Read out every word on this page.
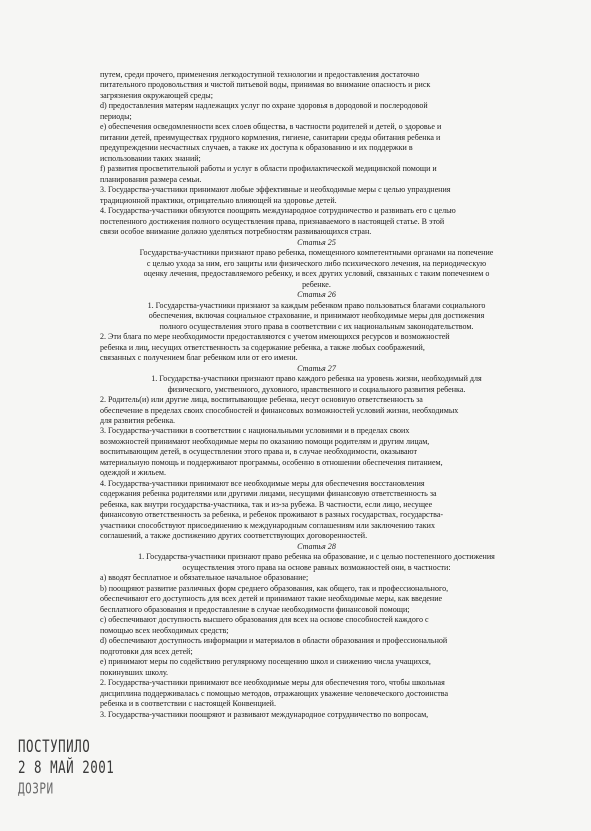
путем, среди прочего, применения легкодоступной технологии и предоставления достаточно

питательного продовольствия и чистой питьевой воды, принимая во внимание опасность и риск

загрязнения окружающей среды;

d) предоставления матерям надлежащих услуг по охране здоровья в дородовой и послеродовой

периоды;

е) обеспечения осведомленности всех слоев общества, в частности родителей и детей, о здоровье и

питании детей, преимуществах грудного кормления, гигиене, санитарии среды обитания ребенка и

предупреждении несчастных случаев, а также их доступа к образованию и их поддержки в

использовании таких знаний;

f) развития просветительной работы и услуг в области профилактической медицинской помощи и

планирования размера семьи.

3. Государства-участники принимают любые эффективные и необходимые меры с целью упразднения

традиционной практики, отрицательно влияющей на здоровье детей.

4. Государства-участники обязуются поощрять международное сотрудничество и развивать его с целью

постепенного достижения полного осуществления права, признаваемого в настоящей статье. В этой

связи особое внимание должно уделяться потребностям развивающихся стран.

Статья 25

Государства-участники признают право ребенка, помещенного компетентными органами на попечение

с целью ухода за ним, его защиты или физического либо психического лечения, на периодическую

оценку лечения, предоставляемого ребенку, и всех других условий, связанных с таким попечением о

ребенке.

Статья 26

1. Государства-участники признают за каждым ребенком право пользоваться благами социального

обеспечения, включая социальное страхование, и принимают необходимые меры для достижения

полного осуществления этого права в соответствии с их национальным законодательством.

2. Эти блага по мере необходимости предоставляются с учетом имеющихся ресурсов и возможностей

ребенка и лиц, несущих ответственность за содержание ребенка, а также любых соображений,

связанных с получением благ ребенком или от его имени.

Статья 27

1. Государства-участники признают право каждого ребенка на уровень жизни, необходимый для

физического, умственного, духовного, нравственного и социального развития ребенка.

2. Родитель(и) или другие лица, воспитывающие ребенка, несут основную ответственность за

обеспечение в пределах своих способностей и финансовых возможностей условий жизни, необходимых

для развития ребенка.

3. Государства-участники в соответствии с национальными условиями и в пределах своих

возможностей принимают необходимые меры по оказанию помощи родителям и другим лицам,

воспитывающим детей, в осуществлении этого права и, в случае необходимости, оказывают

материальную помощь и поддерживают программы, особенно в отношении обеспечения питанием,

одеждой и жильем.

4. Государства-участники принимают все необходимые меры для обеспечения восстановления

содержания ребенка родителями или другими лицами, несущими финансовую ответственность за

ребенка, как внутри государства-участника, так и из-за рубежа. В частности, если лицо, несущее

финансовую ответственность за ребенка, и ребенок проживают в разных государствах, государства-

участники способствуют присоединению к международным соглашениям или заключению таких

соглашений, а также достижению других соответствующих договоренностей.

Статья 28

1. Государства-участники признают право ребенка на образование, и с целью постепенного достижения

осуществления этого права на основе равных возможностей они, в частности:

а) вводят бесплатное и обязательное начальное образование;

b) поощряют развитие различных форм среднего образования, как общего, так и профессионального,

обеспечивают его доступность для всех детей и принимают такие необходимые меры, как введение

бесплатного образования и предоставление в случае необходимости финансовой помощи;

с) обеспечивают доступность высшего образования для всех на основе способностей каждого с

помощью всех необходимых средств;

d) обеспечивают доступность информации и материалов в области образования и профессиональной

подготовки для всех детей;

е) принимают меры по содействию регулярному посещению школ и снижению числа учащихся,

покинувших школу.

2. Государства-участники принимают все необходимые меры для обеспечения того, чтобы школьная

дисциплина поддерживалась с помощью методов, отражающих уважение человеческого достоинства

ребенка и в соответствии с настоящей Конвенцией.

3. Государства-участники поощряют и развивают международное сотрудничество по вопросам,

ПОСТУПИЛО
2 8 МАЙ 2001
ДОЗРИ
